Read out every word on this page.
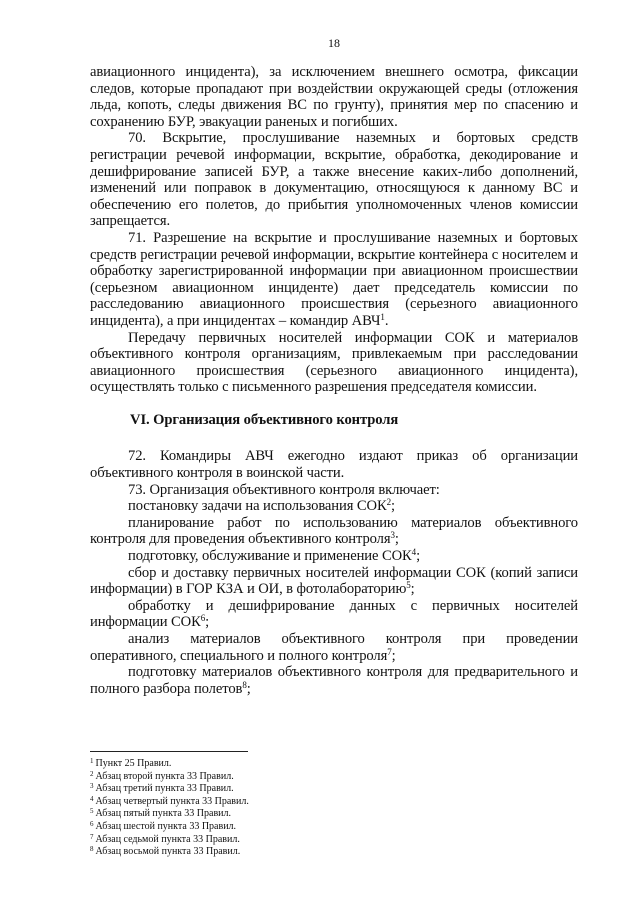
18

авиационного инцидента), за исключением внешнего осмотра, фиксации следов, которые пропадают при воздействии окружающей среды (отложения льда, копоть, следы движения ВС по грунту), принятия мер по спасению и сохранению БУР, эвакуации раненых и погибших.

70. Вскрытие, прослушивание наземных и бортовых средств регистрации речевой информации, вскрытие, обработка, декодирование и дешифрирование записей БУР, а также внесение каких-либо дополнений, изменений или поправок в документацию, относящуюся к данному ВС и обеспечению его полетов, до прибытия уполномоченных членов комиссии запрещается.

71. Разрешение на вскрытие и прослушивание наземных и бортовых средств регистрации речевой информации, вскрытие контейнера с носителем и обработку зарегистрированной информации при авиационном происшествии (серьезном авиационном инциденте) дает председатель комиссии по расследованию авиационного происшествия (серьезного авиационного инцидента), а при инцидентах – командир АВЧ$^1$.

Передачу первичных носителей информации СОК и материалов объективного контроля организациям, привлекаемым при расследовании авиационного происшествия (серьезного авиационного инцидента), осуществлять только с письменного разрешения председателя комиссии.

VI. Организация объективного контроля

72. Командиры АВЧ ежегодно издают приказ об организации объективного контроля в воинской части.

73. Организация объективного контроля включает:

постановку задачи на использования СОК$^2$;

планирование работ по использованию материалов объективного контроля для проведения объективного контроля$^3$;

подготовку, обслуживание и применение СОК$^4$;

сбор и доставку первичных носителей информации СОК (копий записи информации) в ГОР КЗА и ОИ, в фотолабораторию$^5$;

обработку и дешифрирование данных с первичных носителей информации СОК$^6$;

анализ материалов объективного контроля при проведении оперативного, специального и полного контроля$^7$;

подготовку материалов объективного контроля для предварительного и полного разбора полетов$^8$;

$^1$ Пункт 25 Правил.
$^2$ Абзац второй пункта 33 Правил.
$^3$ Абзац третий пункта 33 Правил.
$^4$ Абзац четвертый пункта 33 Правил.
$^5$ Абзац пятый пункта 33 Правил.
$^6$ Абзац шестой пункта 33 Правил.
$^7$ Абзац седьмой пункта 33 Правил.
$^8$ Абзац восьмой пункта 33 Правил.
